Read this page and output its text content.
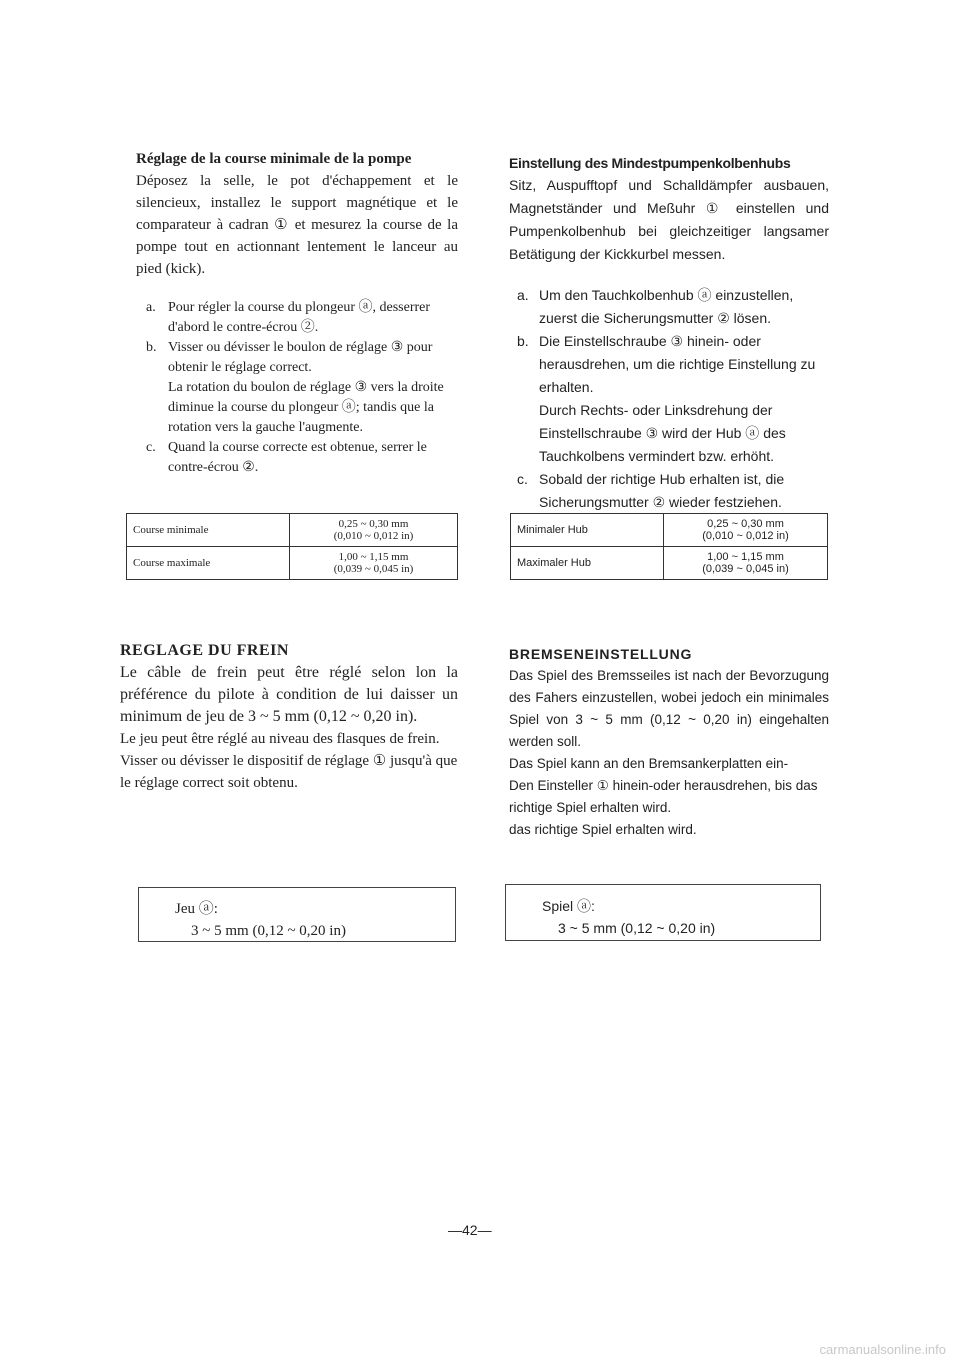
Réglage de la course minimale de la pompe

Déposez la selle, le pot d'échappement et le silencieux, installez le support magnétique et le comparateur à cadran ① et mesurez la course de la pompe tout en actionnant lentement le lanceur au pied (kick).

a. Pour régler la course du plongeur ⓐ, desserrer d'abord le contre-écrou ②.
b. Visser ou dévisser le boulon de réglage ③ pour obtenir le réglage correct.
La rotation du boulon de réglage ③ vers la droite diminue la course du plongeur ⓐ; tandis que la rotation vers la gauche l'augmente.
c. Quand la course correcte est obtenue, serrer le contre-écrou ②.
Course minimale	0,25 ~ 0,30 mm
(0,010 ~ 0,012 in)

Course maximale	1,00 ~ 1,15 mm
(0,039 ~ 0,045 in)

REGLAGE DU FREIN

Le câble de frein peut être réglé selon lon la préférence du pilote à condition de lui daisser un minimum de jeu de 3 ~ 5 mm (0,12 ~ 0,20 in).

Le jeu peut être réglé au niveau des flasques de frein.

Visser ou dévisser le dispositif de réglage ① jusqu'à que le réglage correct soit obtenu.

Jeu ⓐ:
3 ~ 5 mm (0,12 ~ 0,20 in)

Einstellung des Mindestpumpenkolbenhubs

Sitz, Auspufftopf und Schalldämpfer ausbauen, Magnetständer und Meßuhr ① einstellen und Pumpenkolbenhub bei gleichzeitiger langsamer Betätigung der Kickkurbel messen.

a. Um den Tauchkolbenhub ⓐ einzustellen, zuerst die Sicherungsmutter ② lösen.
b. Die Einstellschraube ③ hinein- oder herausdrehen, um die richtige Einstellung zu erhalten.
Durch Rechts- oder Linksdrehung der Einstellschraube ③ wird der Hub ⓐ des Tauchkolbens vermindert bzw. erhöht.
c. Sobald der richtige Hub erhalten ist, die Sicherungsmutter ② wieder festziehen.
Minimaler Hub	0,25 ~ 0,30 mm
(0,010 ~ 0,012 in)

Maximaler Hub	1,00 ~ 1,15 mm
(0,039 ~ 0,045 in)

BREMSENEINSTELLUNG

Das Spiel des Bremsseiles ist nach der Bevorzugung des Fahers einzustellen, wobei jedoch ein minimales Spiel von 3 ~ 5 mm (0,12 ~ 0,20 in) eingehalten werden soll.

Das Spiel kann an den Bremsankerplatten ein-

Den Einsteller ① hinein-oder herausdrehen, bis das richtige Spiel erhalten wird.

das richtige Spiel erhalten wird.

Spiel ⓐ:
3 ~ 5 mm (0,12 ~ 0,20 in)
—42—
carmanualsonline.info
